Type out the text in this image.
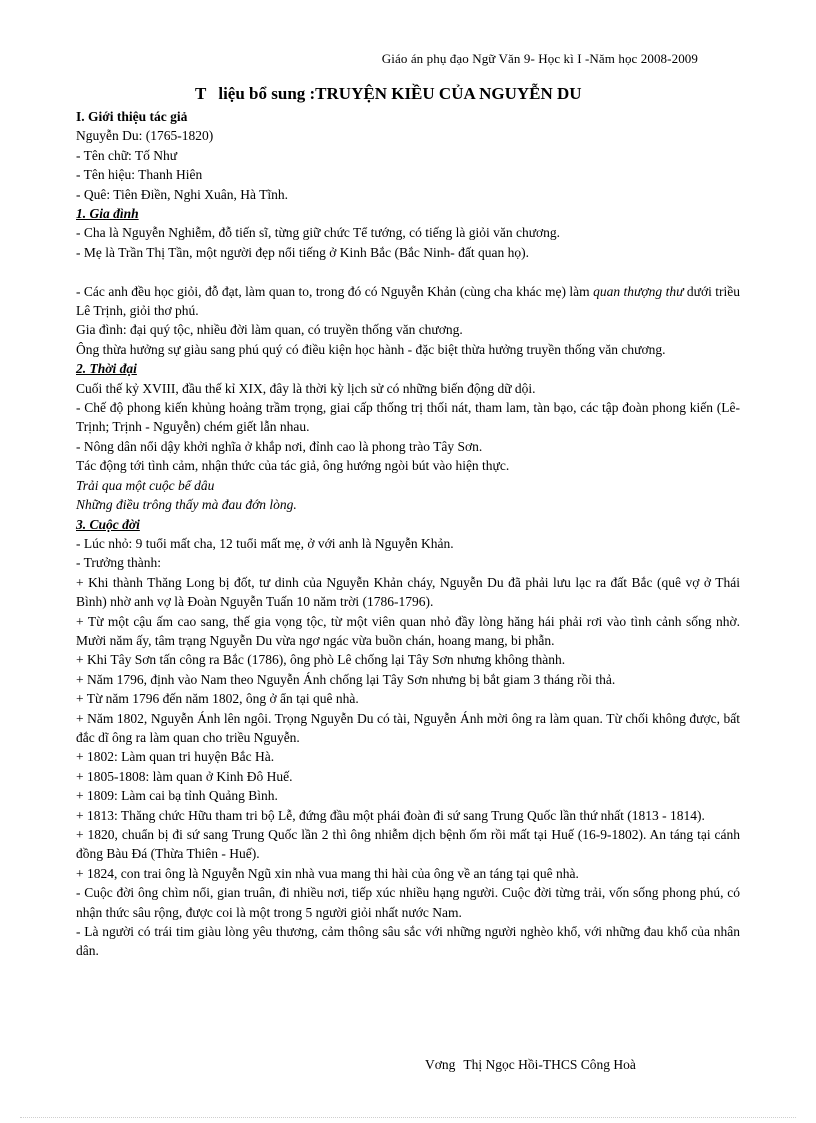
Giáo án phụ đạo Ngữ Văn 9- Học kì I -Năm học 2008-2009
T liệu bổ sung :TRUYỆN KIỀU CỦA NGUYỄN DU

I. Giới thiệu tác giả

Nguyễn Du: (1765-1820)

- Tên chữ: Tố Như

- Tên hiệu: Thanh Hiên

- Quê: Tiên Điền, Nghi Xuân, Hà Tĩnh.

1. Gia đình

- Cha là Nguyễn Nghiễm, đỗ tiến sĩ, từng giữ chức Tể tướng, có tiếng là giỏi văn chương.

- Mẹ là Trần Thị Tần, một người đẹp nổi tiếng ở Kinh Bắc (Bắc Ninh- đất quan họ).

- Các anh đều học giỏi, đỗ đạt, làm quan to, trong đó có Nguyễn Khản (cùng cha khác mẹ) làm quan thượng thư dưới triều Lê Trịnh, giỏi thơ phú.

Gia đình: đại quý tộc, nhiều đời làm quan, có truyền thống văn chương.

Ông thừa hưởng sự giàu sang phú quý có điều kiện học hành - đặc biệt thừa hưởng truyền thống văn chương.

2. Thời đại

Cuối thế kỷ XVIII, đầu thế kỉ XIX, đây là thời kỳ lịch sử có những biến động dữ dội.

- Chế độ phong kiến khủng hoảng trầm trọng, giai cấp thống trị thối nát, tham lam, tàn bạo, các tập đoàn phong kiến (Lê- Trịnh; Trịnh - Nguyễn) chém giết lẫn nhau.

- Nông dân nổi dậy khởi nghĩa ở khắp nơi, đỉnh cao là phong trào Tây Sơn.

Tác động tới tình cảm, nhận thức của tác giả, ông hướng ngòi bút vào hiện thực.

Trải qua một cuộc bể dâu

Những điều trông thấy mà đau đớn lòng.

3. Cuộc đời

- Lúc nhỏ: 9 tuổi mất cha, 12 tuổi mất mẹ, ở với anh là Nguyễn Khản.

- Trưởng thành:

+ Khi thành Thăng Long bị đốt, tư dinh của Nguyễn Khản cháy, Nguyễn Du đã phải lưu lạc ra đất Bắc (quê vợ ở Thái Bình) nhờ anh vợ là Đoàn Nguyễn Tuấn 10 năm trời (1786-1796).

+ Từ một cậu ấm cao sang, thế gia vọng tộc, từ một viên quan nhỏ đầy lòng hăng hái phải rơi vào tình cảnh sống nhờ. Mười năm ấy, tâm trạng Nguyễn Du vừa ngơ ngác vừa buồn chán, hoang mang, bi phẫn.

+ Khi Tây Sơn tấn công ra Bắc (1786), ông phò Lê chống lại Tây Sơn nhưng không thành.

+ Năm 1796, định vào Nam theo Nguyễn Ánh chống lại Tây Sơn nhưng bị bắt giam 3 tháng rồi thả.

+ Từ năm 1796 đến năm 1802, ông ở ẩn tại quê nhà.

+ Năm 1802, Nguyễn Ánh lên ngôi. Trọng Nguyễn Du có tài, Nguyễn Ánh mời ông ra làm quan. Từ chối không được, bất đắc dĩ ông ra làm quan cho triều Nguyễn.

+ 1802: Làm quan tri huyện Bắc Hà.

+ 1805-1808: làm quan ở Kinh Đô Huế.

+ 1809: Làm cai bạ tỉnh Quảng Bình.

+ 1813: Thăng chức Hữu tham tri bộ Lễ, đứng đầu một phái đoàn đi sứ sang Trung Quốc lần thứ nhất (1813 - 1814).

+ 1820, chuẩn bị đi sứ sang Trung Quốc lần 2 thì ông nhiễm dịch bệnh ốm rồi mất tại Huế (16-9-1802). An táng tại cánh đồng Bàu Đá (Thừa Thiên - Huế).

+ 1824, con trai ông là Nguyễn Ngũ xin nhà vua mang thi hài của ông về an táng tại quê nhà.

- Cuộc đời ông chìm nổi, gian truân, đi nhiều nơi, tiếp xúc nhiều hạng người. Cuộc đời từng trải, vốn sống phong phú, có nhận thức sâu rộng, được coi là một trong 5 người giỏi nhất nước Nam.

- Là người có trái tim giàu lòng yêu thương, cảm thông sâu sắc với những người nghèo khổ, với những đau khổ của nhân dân.

Vơng Thị Ngọc Hồi-THCS Công Hoà
